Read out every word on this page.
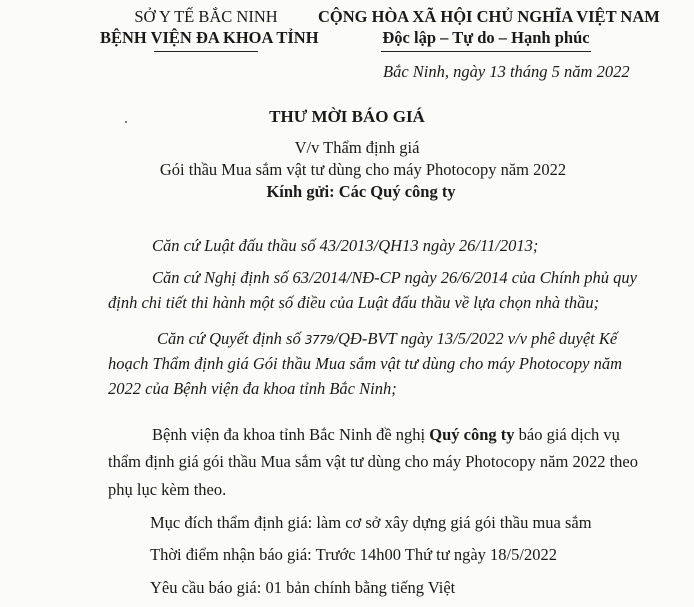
SỞ Y TẾ BẮC NINH
BỆNH VIỆN ĐA KHOA TỈNH
CỘNG HÒA XÃ HỘI CHỦ NGHĨA VIỆT NAM
Độc lập – Tự do – Hạnh phúc
Bắc Ninh, ngày 13 tháng 5 năm 2022
THƯ MỜI BÁO GIÁ
V/v Thẩm định giá
Gói thầu Mua sắm vật tư dùng cho máy Photocopy năm 2022
Kính gửi: Các Quý công ty
Căn cứ Luật đấu thầu số 43/2013/QH13 ngày 26/11/2013;
Căn cứ Nghị định số 63/2014/NĐ-CP ngày 26/6/2014 của Chính phủ quy
định chi tiết thi hành một số điều của Luật đấu thầu về lựa chọn nhà thầu;
Căn cứ Quyết định số 3779/QĐ-BVT ngày 13/5/2022 v/v phê duyệt Kế
hoạch Thẩm định giá Gói thầu Mua sắm vật tư dùng cho máy Photocopy năm
2022 của Bệnh viện đa khoa tỉnh Bắc Ninh;
Bệnh viện đa khoa tỉnh Bắc Ninh đề nghị Quý công ty báo giá dịch vụ
thẩm định giá gói thầu Mua sắm vật tư dùng cho máy Photocopy năm 2022 theo
phụ lục kèm theo.
Mục đích thẩm định giá: làm cơ sở xây dựng giá gói thầu mua sắm
Thời điểm nhận báo giá: Trước 14h00 Thứ tư ngày 18/5/2022
Yêu cầu báo giá: 01 bản chính bằng tiếng Việt
